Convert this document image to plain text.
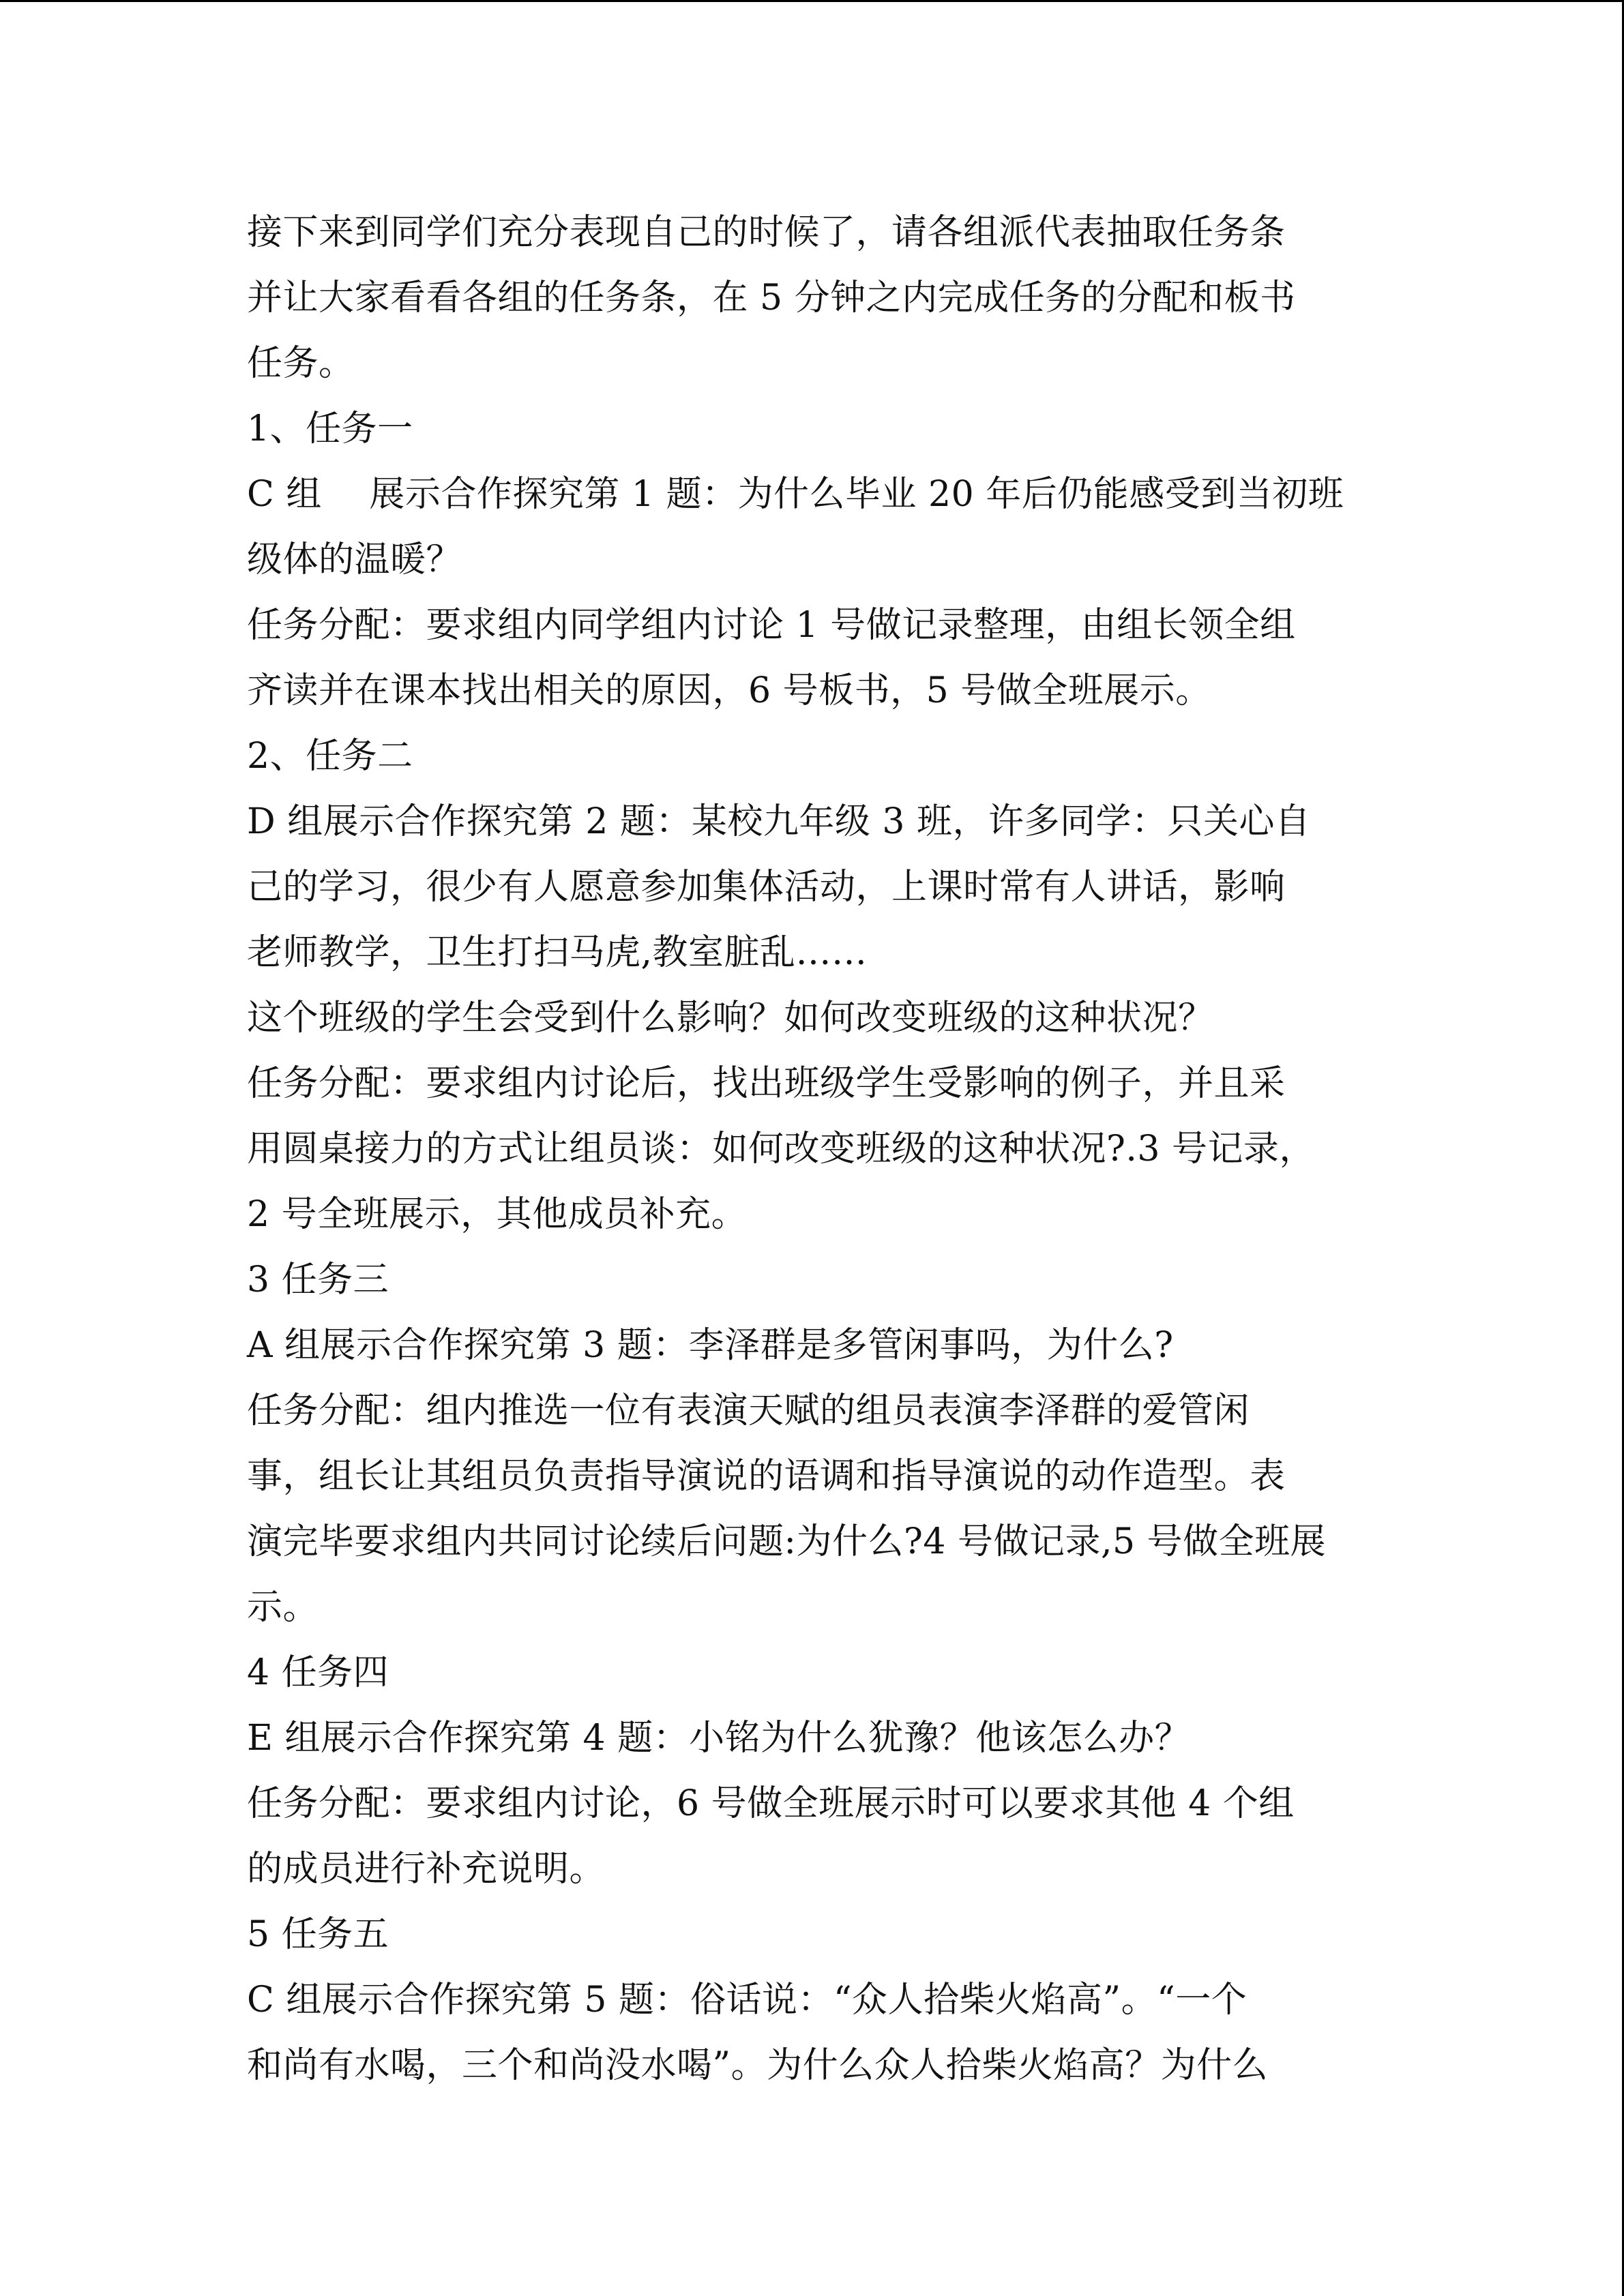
接下来到同学们充分表现自己的时候了，请各组派代表抽取任务条
并让大家看看各组的任务条，在 5 分钟之内完成任务的分配和板书
任务。
1、任务一
C 组　 展示合作探究第 1 题：为什么毕业 20 年后仍能感受到当初班
级体的温暖？
任务分配：要求组内同学组内讨论 1 号做记录整理，由组长领全组
齐读并在课本找出相关的原因，6 号板书，5 号做全班展示。
2、任务二
D 组展示合作探究第 2 题：某校九年级 3 班，许多同学：只关心自
己的学习，很少有人愿意参加集体活动，上课时常有人讲话，影响
老师教学，卫生打扫马虎,教室脏乱……
这个班级的学生会受到什么影响？如何改变班级的这种状况？
任务分配：要求组内讨论后，找出班级学生受影响的例子，并且采
用圆桌接力的方式让组员谈：如何改变班级的这种状况?.3 号记录，
2 号全班展示，其他成员补充。
3 任务三
A 组展示合作探究第 3 题：李泽群是多管闲事吗，为什么?
任务分配：组内推选一位有表演天赋的组员表演李泽群的爱管闲
事，组长让其组员负责指导演说的语调和指导演说的动作造型。表
演完毕要求组内共同讨论续后问题:为什么?4 号做记录,5 号做全班展
示。
4 任务四
E 组展示合作探究第 4 题：小铭为什么犹豫？他该怎么办？
任务分配：要求组内讨论，6 号做全班展示时可以要求其他 4 个组
的成员进行补充说明。
5 任务五
C 组展示合作探究第 5 题：俗话说：“众人拾柴火焰高”。“一个
和尚有水喝，三个和尚没水喝”。为什么众人拾柴火焰高？为什么
